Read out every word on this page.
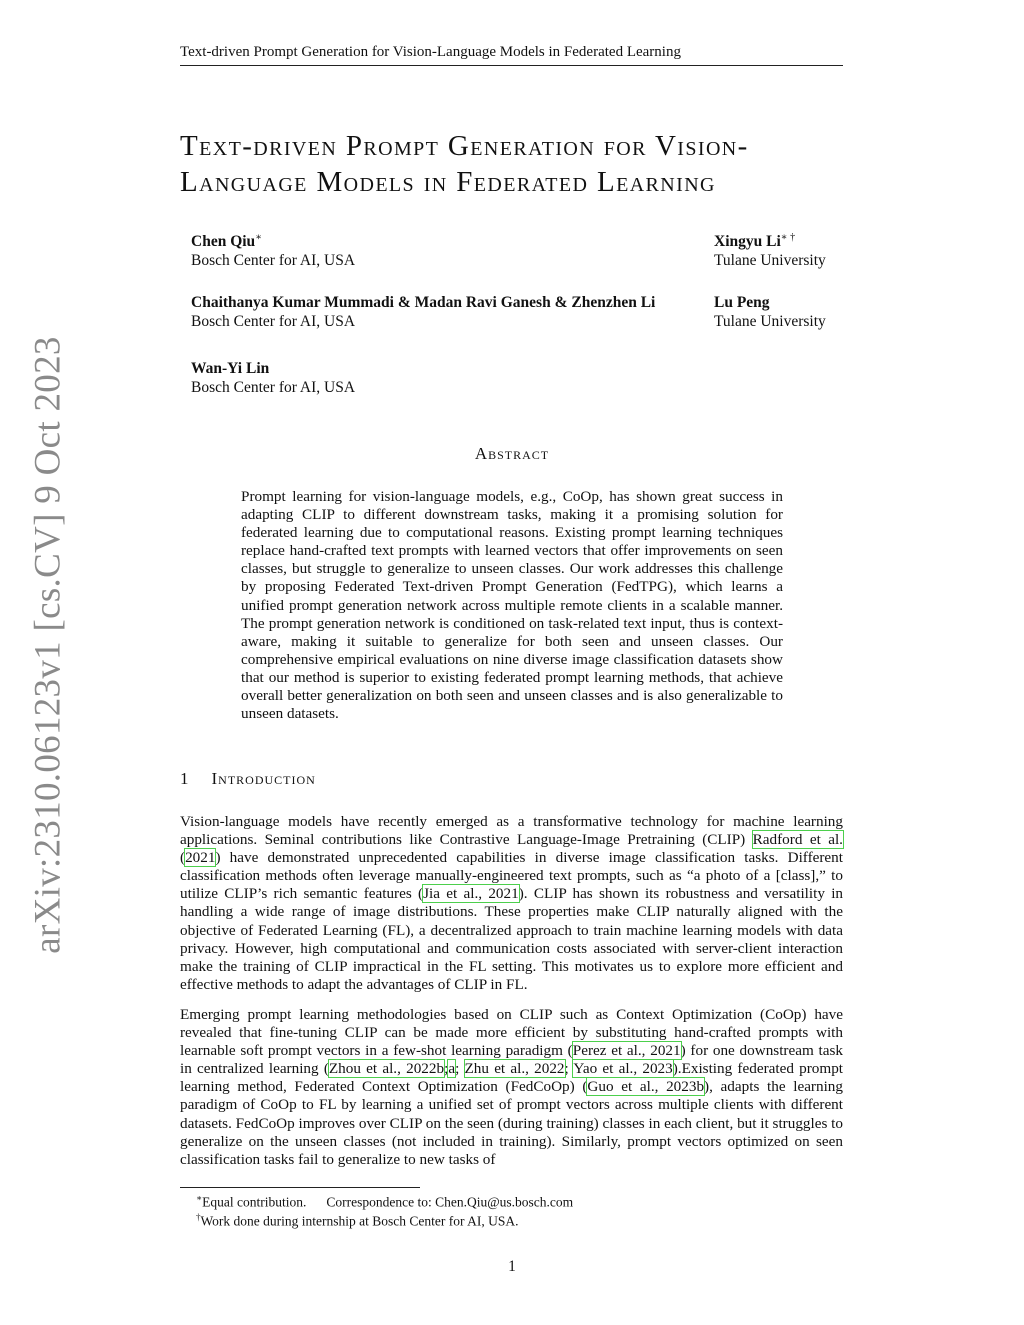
Text-driven Prompt Generation for Vision-Language Models in Federated Learning
arXiv:2310.06123v1 [cs.CV] 9 Oct 2023
Text-driven Prompt Generation for Vision-
Language Models in Federated Learning
Chen Qiu∗
Bosch Center for AI, USA
Xingyu Li∗ †
Tulane University
Chaithanya Kumar Mummadi & Madan Ravi Ganesh & Zhenzhen Li
Bosch Center for AI, USA
Lu Peng
Tulane University
Wan-Yi Lin
Bosch Center for AI, USA
Abstract

Prompt learning for vision-language models, e.g., CoOp, has shown great success in adapting CLIP to different downstream tasks, making it a promising solution for federated learning due to computational reasons. Existing prompt learning techniques replace hand-crafted text prompts with learned vectors that offer improvements on seen classes, but struggle to generalize to unseen classes. Our work addresses this challenge by proposing Federated Text-driven Prompt Generation (FedTPG), which learns a unified prompt generation network across multiple remote clients in a scalable manner. The prompt generation network is conditioned on task-related text input, thus is context-aware, making it suitable to generalize for both seen and unseen classes. Our comprehensive empirical evaluations on nine diverse image classification datasets show that our method is superior to existing federated prompt learning methods, that achieve overall better generalization on both seen and unseen classes and is also generalizable to unseen datasets.

1 Introduction

Vision-language models have recently emerged as a transformative technology for machine learning applications. Seminal contributions like Contrastive Language-Image Pretraining (CLIP) Radford et al. (2021) have demonstrated unprecedented capabilities in diverse image classification tasks. Different classification methods often leverage manually-engineered text prompts, such as “a photo of a [class],” to utilize CLIP’s rich semantic features (Jia et al., 2021). CLIP has shown its robustness and versatility in handling a wide range of image distributions. These properties make CLIP naturally aligned with the objective of Federated Learning (FL), a decentralized approach to train machine learning models with data privacy. However, high computational and communication costs associated with server-client interaction make the training of CLIP impractical in the FL setting. This motivates us to explore more efficient and effective methods to adapt the advantages of CLIP in FL.

Emerging prompt learning methodologies based on CLIP such as Context Optimization (CoOp) have revealed that fine-tuning CLIP can be made more efficient by substituting hand-crafted prompts with learnable soft prompt vectors in a few-shot learning paradigm (Perez et al., 2021) for one downstream task in centralized learning (Zhou et al., 2022b;a; Zhu et al., 2022; Yao et al., 2023).Existing federated prompt learning method, Federated Context Optimization (FedCoOp) (Guo et al., 2023b), adapts the learning paradigm of CoOp to FL by learning a unified set of prompt vectors across multiple clients with different datasets. FedCoOp improves over CLIP on the seen (during training) classes in each client, but it struggles to generalize on the unseen classes (not included in training). Similarly, prompt vectors optimized on seen classification tasks fail to generalize to new tasks of

∗Equal contribution. Correspondence to: Chen.Qiu@us.bosch.com
†Work done during internship at Bosch Center for AI, USA.
1
